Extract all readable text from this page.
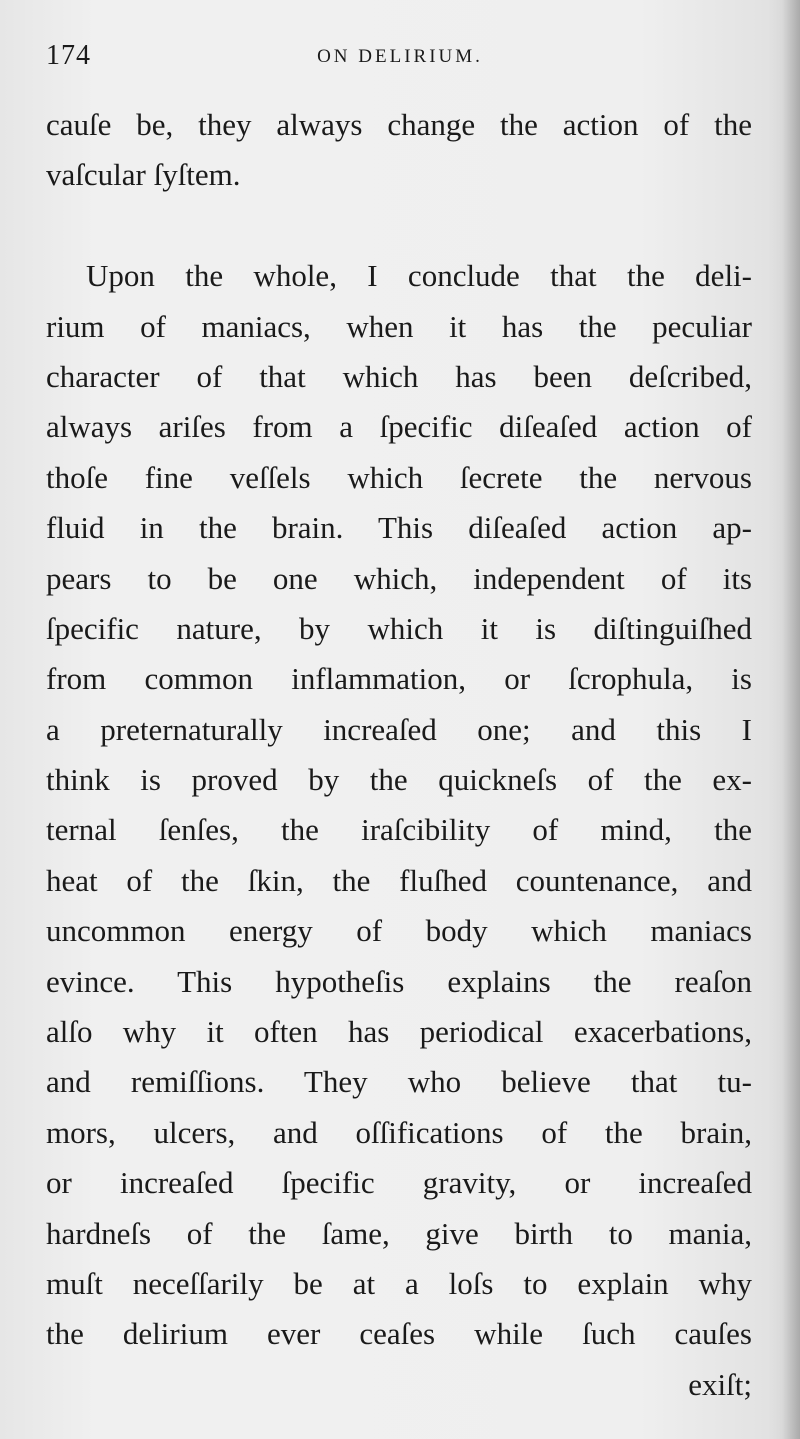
174	ON DELIRIUM.
cauſe be, they always change the action of the
vaſcular ſyſtem.
Upon the whole, I conclude that the deli-
rium of maniacs, when it has the peculiar
character of that which has been deſcribed,
always ariſes from a ſpecific diſeaſed action of
thoſe fine veſſels which ſecrete the nervous
fluid in the brain. This diſeaſed action ap-
pears to be one which, independent of its
ſpecific nature, by which it is diſtinguiſhed
from common inflammation, or ſcrophula, is
a preternaturally increaſed one; and this I
think is proved by the quickneſs of the ex-
ternal ſenſes, the iraſcibility of mind, the
heat of the ſkin, the fluſhed countenance, and
uncommon energy of body which maniacs
evince. This hypotheſis explains the reaſon
alſo why it often has periodical exacerbations,
and remiſſions. They who believe that tu-
mors, ulcers, and oſſifications of the brain,
or increaſed ſpecific gravity, or increaſed
hardneſs of the ſame, give birth to mania,
muſt neceſſarily be at a loſs to explain why
the delirium ever ceaſes while ſuch cauſes
exiſt;
